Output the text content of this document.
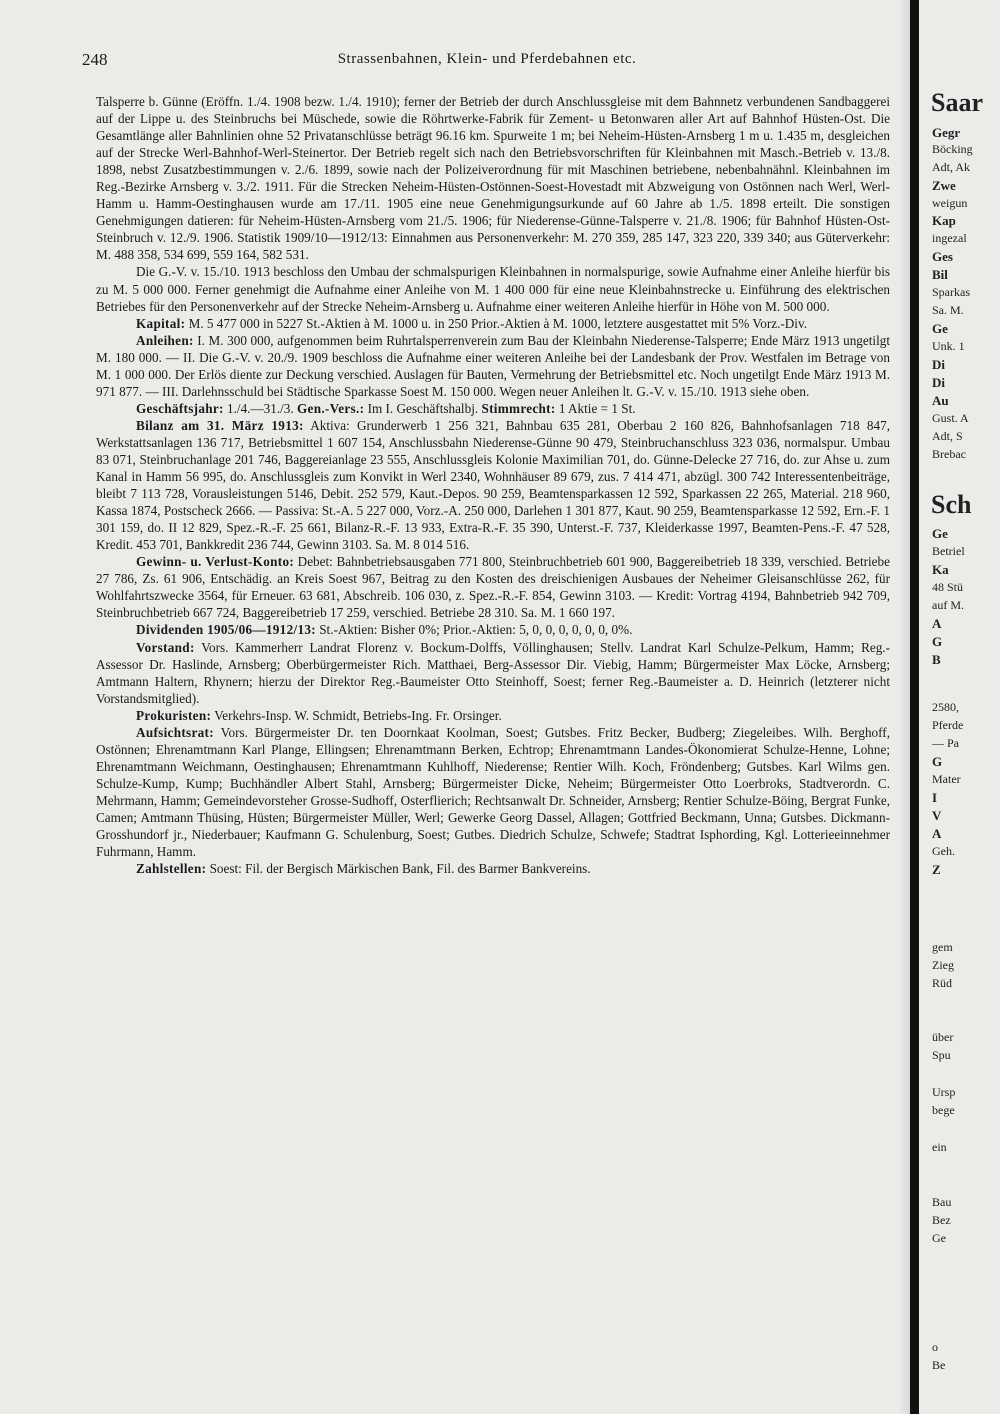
248	Strassenbahnen, Klein- und Pferdebahnen etc.

Talsperre b. Günne (Eröffn. 1./4. 1908 bezw. 1./4. 1910); ferner der Betrieb der durch Anschlussgleise mit dem Bahnnetz verbundenen Sandbaggerei auf der Lippe u. des Steinbruchs bei Müschede, sowie die Röhrtwerke-Fabrik für Zement- u Betonwaren aller Art auf Bahnhof Hüsten-Ost. Die Gesamtlänge aller Bahnlinien ohne 52 Privatanschlüsse beträgt 96.16 km. Spurweite 1 m; bei Neheim-Hüsten-Arnsberg 1 m u. 1.435 m, desgleichen auf der Strecke Werl-Bahnhof-Werl-Steinertor. Der Betrieb regelt sich nach den Betriebsvorschriften für Kleinbahnen mit Masch.-Betrieb v. 13./8. 1898, nebst Zusatzbestimmungen v. 2./6. 1899, sowie nach der Polizeiverordnung für mit Maschinen betriebene, nebenbahnähnl. Kleinbahnen im Reg.-Bezirke Arnsberg v. 3./2. 1911. Für die Strecken Neheim-Hüsten-Ostönnen-Soest-Hovestadt mit Abzweigung von Ostönnen nach Werl, Werl-Hamm u. Hamm-Oestinghausen wurde am 17./11. 1905 eine neue Genehmigungsurkunde auf 60 Jahre ab 1./5. 1898 erteilt. Die sonstigen Genehmigungen datieren: für Neheim-Hüsten-Arnsberg vom 21./5. 1906; für Niederense-Günne-Talsperre v. 21./8. 1906; für Bahnhof Hüsten-Ost-Steinbruch v. 12./9. 1906. Statistik 1909/10—1912/13: Einnahmen aus Personenverkehr: M. 270 359, 285 147, 323 220, 339 340; aus Güterverkehr: M. 488 358, 534 699, 559 164, 582 531.

Die G.-V. v. 15./10. 1913 beschloss den Umbau der schmalspurigen Kleinbahnen in normalspurige, sowie Aufnahme einer Anleihe hierfür bis zu M. 5 000 000. Ferner genehmigt die Aufnahme einer Anleihe von M. 1 400 000 für eine neue Kleinbahnstrecke u. Einführung des elektrischen Betriebes für den Personenverkehr auf der Strecke Neheim-Arnsberg u. Aufnahme einer weiteren Anleihe hierfür in Höhe von M. 500 000.

Kapital: M. 5 477 000 in 5227 St.-Aktien à M. 1000 u. in 250 Prior.-Aktien à M. 1000, letztere ausgestattet mit 5% Vorz.-Div.

Anleihen: I. M. 300 000, aufgenommen beim Ruhrtalsperrenverein zum Bau der Kleinbahn Niederense-Talsperre; Ende März 1913 ungetilgt M. 180 000. — II. Die G.-V. v. 20./9. 1909 beschloss die Aufnahme einer weiteren Anleihe bei der Landesbank der Prov. Westfalen im Betrage von M. 1 000 000. Der Erlös diente zur Deckung verschied. Auslagen für Bauten, Vermehrung der Betriebsmittel etc. Noch ungetilgt Ende März 1913 M. 971 877. — III. Darlehnsschuld bei Städtische Sparkasse Soest M. 150 000. Wegen neuer Anleihen lt. G.-V. v. 15./10. 1913 siehe oben.

Geschäftsjahr: 1./4.—31./3. Gen.-Vers.: Im I. Geschäftshalbj. Stimmrecht: 1 Aktie = 1 St.

Bilanz am 31. März 1913: Aktiva: Grunderwerb 1 256 321, Bahnbau 635 281, Oberbau 2 160 826, Bahnhofsanlagen 718 847, Werkstattsanlagen 136 717, Betriebsmittel 1 607 154, Anschlussbahn Niederense-Günne 90 479, Steinbruchanschluss 323 036, normalspur. Umbau 83 071, Steinbruchanlage 201 746, Baggereianlage 23 555, Anschlussgleis Kolonie Maximilian 701, do. Günne-Delecke 27 716, do. zur Ahse u. zum Kanal in Hamm 56 995, do. Anschlussgleis zum Konvikt in Werl 2340, Wohnhäuser 89 679, zus. 7 414 471, abzügl. 300 742 Interessentenbeiträge, bleibt 7 113 728, Vorausleistungen 5146, Debit. 252 579, Kaut.-Depos. 90 259, Beamtensparkassen 12 592, Sparkassen 22 265, Material. 218 960, Kassa 1874, Postscheck 2666. — Passiva: St.-A. 5 227 000, Vorz.-A. 250 000, Darlehen 1 301 877, Kaut. 90 259, Beamtensparkasse 12 592, Ern.-F. 1 301 159, do. II 12 829, Spez.-R.-F. 25 661, Bilanz-R.-F. 13 933, Extra-R.-F. 35 390, Unterst.-F. 737, Kleiderkasse 1997, Beamten-Pens.-F. 47 528, Kredit. 453 701, Bankkredit 236 744, Gewinn 3103. Sa. M. 8 014 516.

Gewinn- u. Verlust-Konto: Debet: Bahnbetriebsausgaben 771 800, Steinbruchbetrieb 601 900, Baggereibetrieb 18 339, verschied. Betriebe 27 786, Zs. 61 906, Entschädig. an Kreis Soest 967, Beitrag zu den Kosten des dreischienigen Ausbaues der Neheimer Gleisanschlüsse 262, für Wohlfahrtszwecke 3564, für Erneuer. 63 681, Abschreib. 106 030, z. Spez.-R.-F. 854, Gewinn 3103. — Kredit: Vortrag 4194, Bahnbetrieb 942 709, Steinbruchbetrieb 667 724, Baggereibetrieb 17 259, verschied. Betriebe 28 310. Sa. M. 1 660 197.

Dividenden 1905/06—1912/13: St.-Aktien: Bisher 0%; Prior.-Aktien: 5, 0, 0, 0, 0, 0, 0, 0%.

Vorstand: Vors. Kammerherr Landrat Florenz v. Bockum-Dolffs, Völlinghausen; Stellv. Landrat Karl Schulze-Pelkum, Hamm; Reg.-Assessor Dr. Haslinde, Arnsberg; Oberbürgermeister Rich. Matthaei, Berg-Assessor Dir. Viebig, Hamm; Bürgermeister Max Löcke, Arnsberg; Amtmann Haltern, Rhynern; hierzu der Direktor Reg.-Baumeister Otto Steinhoff, Soest; ferner Reg.-Baumeister a. D. Heinrich (letzterer nicht Vorstandsmitglied).

Prokuristen: Verkehrs-Insp. W. Schmidt, Betriebs-Ing. Fr. Orsinger.

Aufsichtsrat: Vors. Bürgermeister Dr. ten Doornkaat Koolman, Soest; Gutsbes. Fritz Becker, Budberg; Ziegeleibes. Wilh. Berghoff, Ostönnen; Ehrenamtmann Karl Plange, Ellingsen; Ehrenamtmann Berken, Echtrop; Ehrenamtmann Landes-Ökonomierat Schulze-Henne, Lohne; Ehrenamtmann Weichmann, Oestinghausen; Ehrenamtmann Kuhlhoff, Niederense; Rentier Wilh. Koch, Fröndenberg; Gutsbes. Karl Wilms gen. Schulze-Kump, Kump; Buchhändler Albert Stahl, Arnsberg; Bürgermeister Dicke, Neheim; Bürgermeister Otto Loerbroks, Stadtverordn. C. Mehrmann, Hamm; Gemeindevorsteher Grosse-Sudhoff, Osterflierich; Rechtsanwalt Dr. Schneider, Arnsberg; Rentier Schulze-Böing, Bergrat Funke, Camen; Amtmann Thüsing, Hüsten; Bürgermeister Müller, Werl; Gewerke Georg Dassel, Allagen; Gottfried Beckmann, Unna; Gutsbes. Dickmann-Grosshundorf jr., Niederbauer; Kaufmann G. Schulenburg, Soest; Gutbes. Diedrich Schulze, Schwefe; Stadtrat Isphording, Kgl. Lotterieeinnehmer Fuhrmann, Hamm.

Zahlstellen: Soest: Fil. der Bergisch Märkischen Bank, Fil. des Barmer Bankvereins.

Saar
Gegr
Böcking
Adt, Ak
Zwe
weigun
Kap
ingezal
Ges
Bil
Sparkas
Sa. M.
Ge
Unk. 1
Di
Di
Au
Gust. A
Adt, S
Brebac
Sch
Ge
Betriel
Ka
48 Stü
auf M.
A
G
B
2580,
Pferde
— Pa
G
Mater
I
V
A
Geh.
Z
gem
Zieg
Rüd
über
Spu
Ursp
bege
ein
Bau
Bez
Ge
o
Be
